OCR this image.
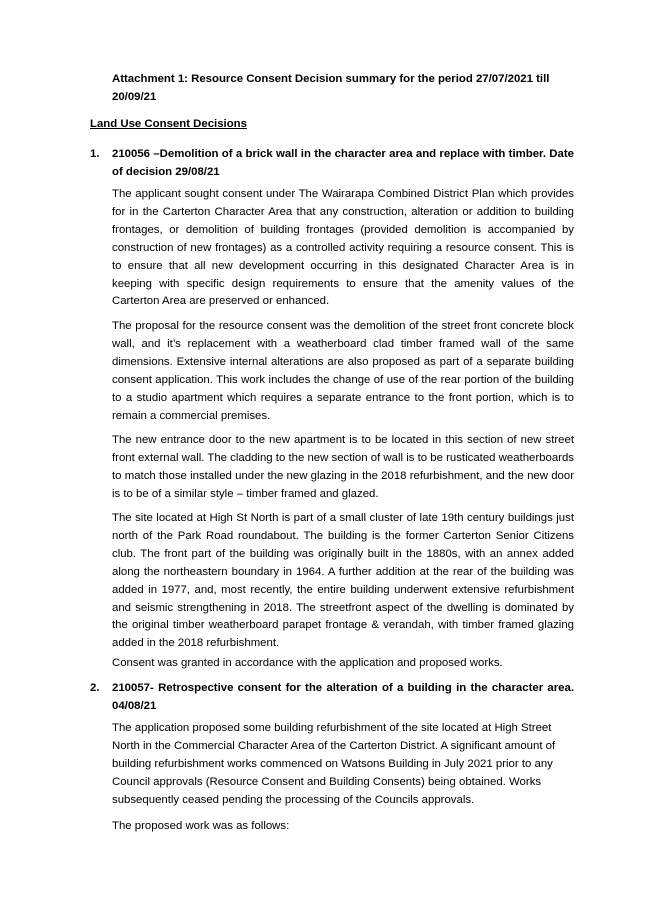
Attachment 1: Resource Consent Decision summary for the period 27/07/2021 till 20/09/21
Land Use Consent Decisions
1. 210056 –Demolition of a brick wall in the character area and replace with timber. Date of decision 29/08/21

The applicant sought consent under The Wairarapa Combined District Plan which provides for in the Carterton Character Area that any construction, alteration or addition to building frontages, or demolition of building frontages (provided demolition is accompanied by construction of new frontages) as a controlled activity requiring a resource consent. This is to ensure that all new development occurring in this designated Character Area is in keeping with specific design requirements to ensure that the amenity values of the Carterton Area are preserved or enhanced.

The proposal for the resource consent was the demolition of the street front concrete block wall, and it’s replacement with a weatherboard clad timber framed wall of the same dimensions. Extensive internal alterations are also proposed as part of a separate building consent application. This work includes the change of use of the rear portion of the building to a studio apartment which requires a separate entrance to the front portion, which is to remain a commercial premises.

The new entrance door to the new apartment is to be located in this section of new street front external wall. The cladding to the new section of wall is to be rusticated weatherboards to match those installed under the new glazing in the 2018 refurbishment, and the new door is to be of a similar style – timber framed and glazed.

The site located at High St North is part of a small cluster of late 19th century buildings just north of the Park Road roundabout. The building is the former Carterton Senior Citizens club. The front part of the building was originally built in the 1880s, with an annex added along the northeastern boundary in 1964. A further addition at the rear of the building was added in 1977, and, most recently, the entire building underwent extensive refurbishment and seismic strengthening in 2018. The streetfront aspect of the dwelling is dominated by the original timber weatherboard parapet frontage & verandah, with timber framed glazing added in the 2018 refurbishment.

Consent was granted in accordance with the application and proposed works.

2. 210057- Retrospective consent for the alteration of a building in the character area. 04/08/21

The application proposed some building refurbishment of the site located at High Street North in the Commercial Character Area of the Carterton District. A significant amount of building refurbishment works commenced on Watsons Building in July 2021 prior to any Council approvals (Resource Consent and Building Consents) being obtained. Works subsequently ceased pending the processing of the Councils approvals.

The proposed work was as follows:
